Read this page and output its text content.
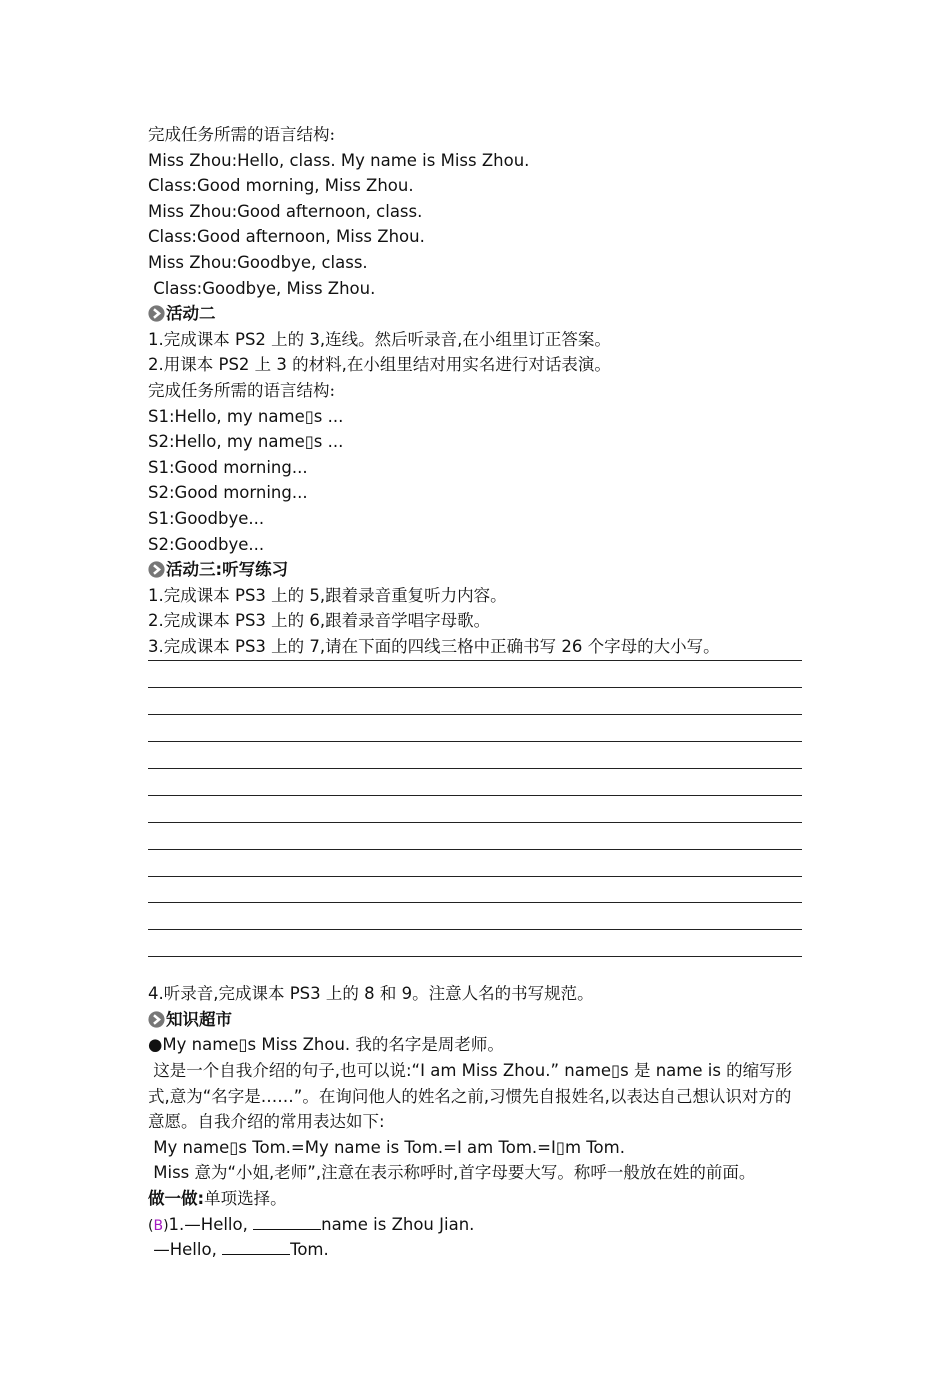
完成任务所需的语言结构:
Miss Zhou:Hello, class. My name is Miss Zhou.
Class:Good morning, Miss Zhou.
Miss Zhou:Good afternoon, class.
Class:Good afternoon, Miss Zhou.
Miss Zhou:Goodbye, class.
Class:Goodbye, Miss Zhou.
活动二
1.完成课本 PS2 上的 3,连线。然后听录音,在小组里订正答案。
2.用课本 PS2 上 3 的材料,在小组里结对用实名进行对话表演。
完成任务所需的语言结构:
S1:Hello, my name▯s ...
S2:Hello, my name▯s ...
S1:Good morning...
S2:Good morning...
S1:Goodbye...
S2:Goodbye...
活动三:听写练习
1.完成课本 PS3 上的 5,跟着录音重复听力内容。
2.完成课本 PS3 上的 6,跟着录音学唱字母歌。
3.完成课本 PS3 上的 7,请在下面的四线三格中正确书写 26 个字母的大小写。
4.听录音,完成课本 PS3 上的 8 和 9。注意人名的书写规范。
知识超市
●My name▯s Miss Zhou. 我的名字是周老师。
这是一个自我介绍的句子,也可以说:“I am Miss Zhou.” name▯s 是 name is 的缩写形式,意为“名字是……”。在询问他人的姓名之前,习惯先自报姓名,以表达自己想认识对方的意愿。自我介绍的常用表达如下:
My name▯s Tom.=My name is Tom.=I am Tom.=I▯m Tom.
Miss 意为“小姐,老师”,注意在表示称呼时,首字母要大写。称呼一般放在姓的前面。
做一做:单项选择。
(B)1.—Hello,	name is Zhou Jian.
—Hello,	Tom.
